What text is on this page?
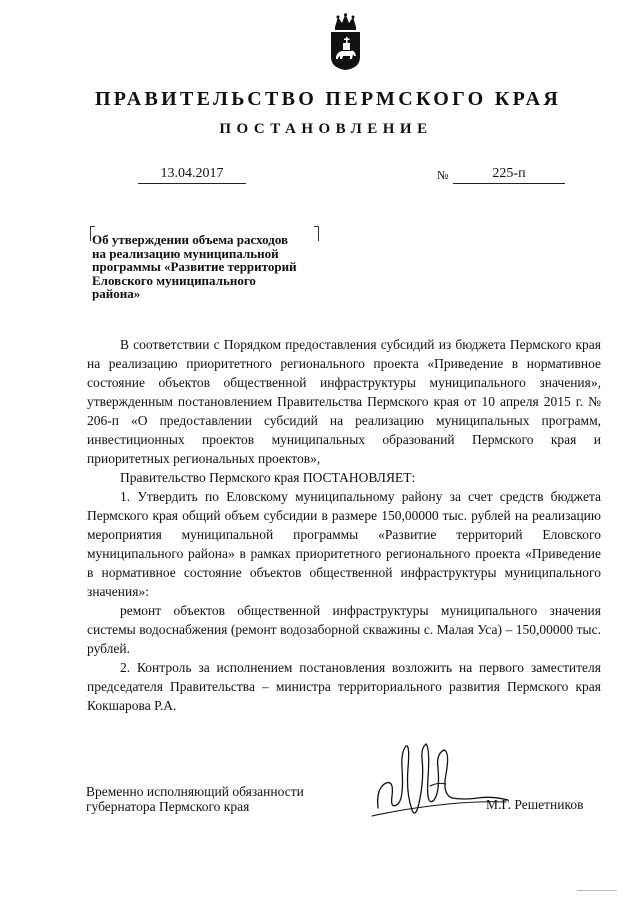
ПРАВИТЕЛЬСТВО ПЕРМСКОГО КРАЯ
ПОСТАНОВЛЕНИЕ
13.04.2017	№	225-п
Об утверждении объема расходов
на реализацию муниципальной
программы «Развитие территорий
Еловского муниципального
района»

В соответствии с Порядком предоставления субсидий из бюджета Пермского края на реализацию приоритетного регионального проекта «Приведение в нормативное состояние объектов общественной инфраструктуры муниципального значения», утвержденным постановлением Правительства Пермского края от 10 апреля 2015 г. № 206-п «О предоставлении субсидий на реализацию муниципальных программ, инвестиционных проектов муниципальных образований Пермского края и приоритетных региональных проектов»,

Правительство Пермского края ПОСТАНОВЛЯЕТ:

1. Утвердить по Еловскому муниципальному району за счет средств бюджета Пермского края общий объем субсидии в размере 150,00000 тыс. рублей на реализацию мероприятия муниципальной программы «Развитие территорий Еловского муниципального района» в рамках приоритетного регионального проекта «Приведение в нормативное состояние объектов общественной инфраструктуры муниципального значения»:

ремонт объектов общественной инфраструктуры муниципального значения системы водоснабжения (ремонт водозаборной скважины с. Малая Уса) – 150,00000 тыс. рублей.

2. Контроль за исполнением постановления возложить на первого заместителя председателя Правительства – министра территориального развития Пермского края Кокшарова Р.А.

Временно исполняющий обязанности
губернатора Пермского края	М.Г. Решетников
